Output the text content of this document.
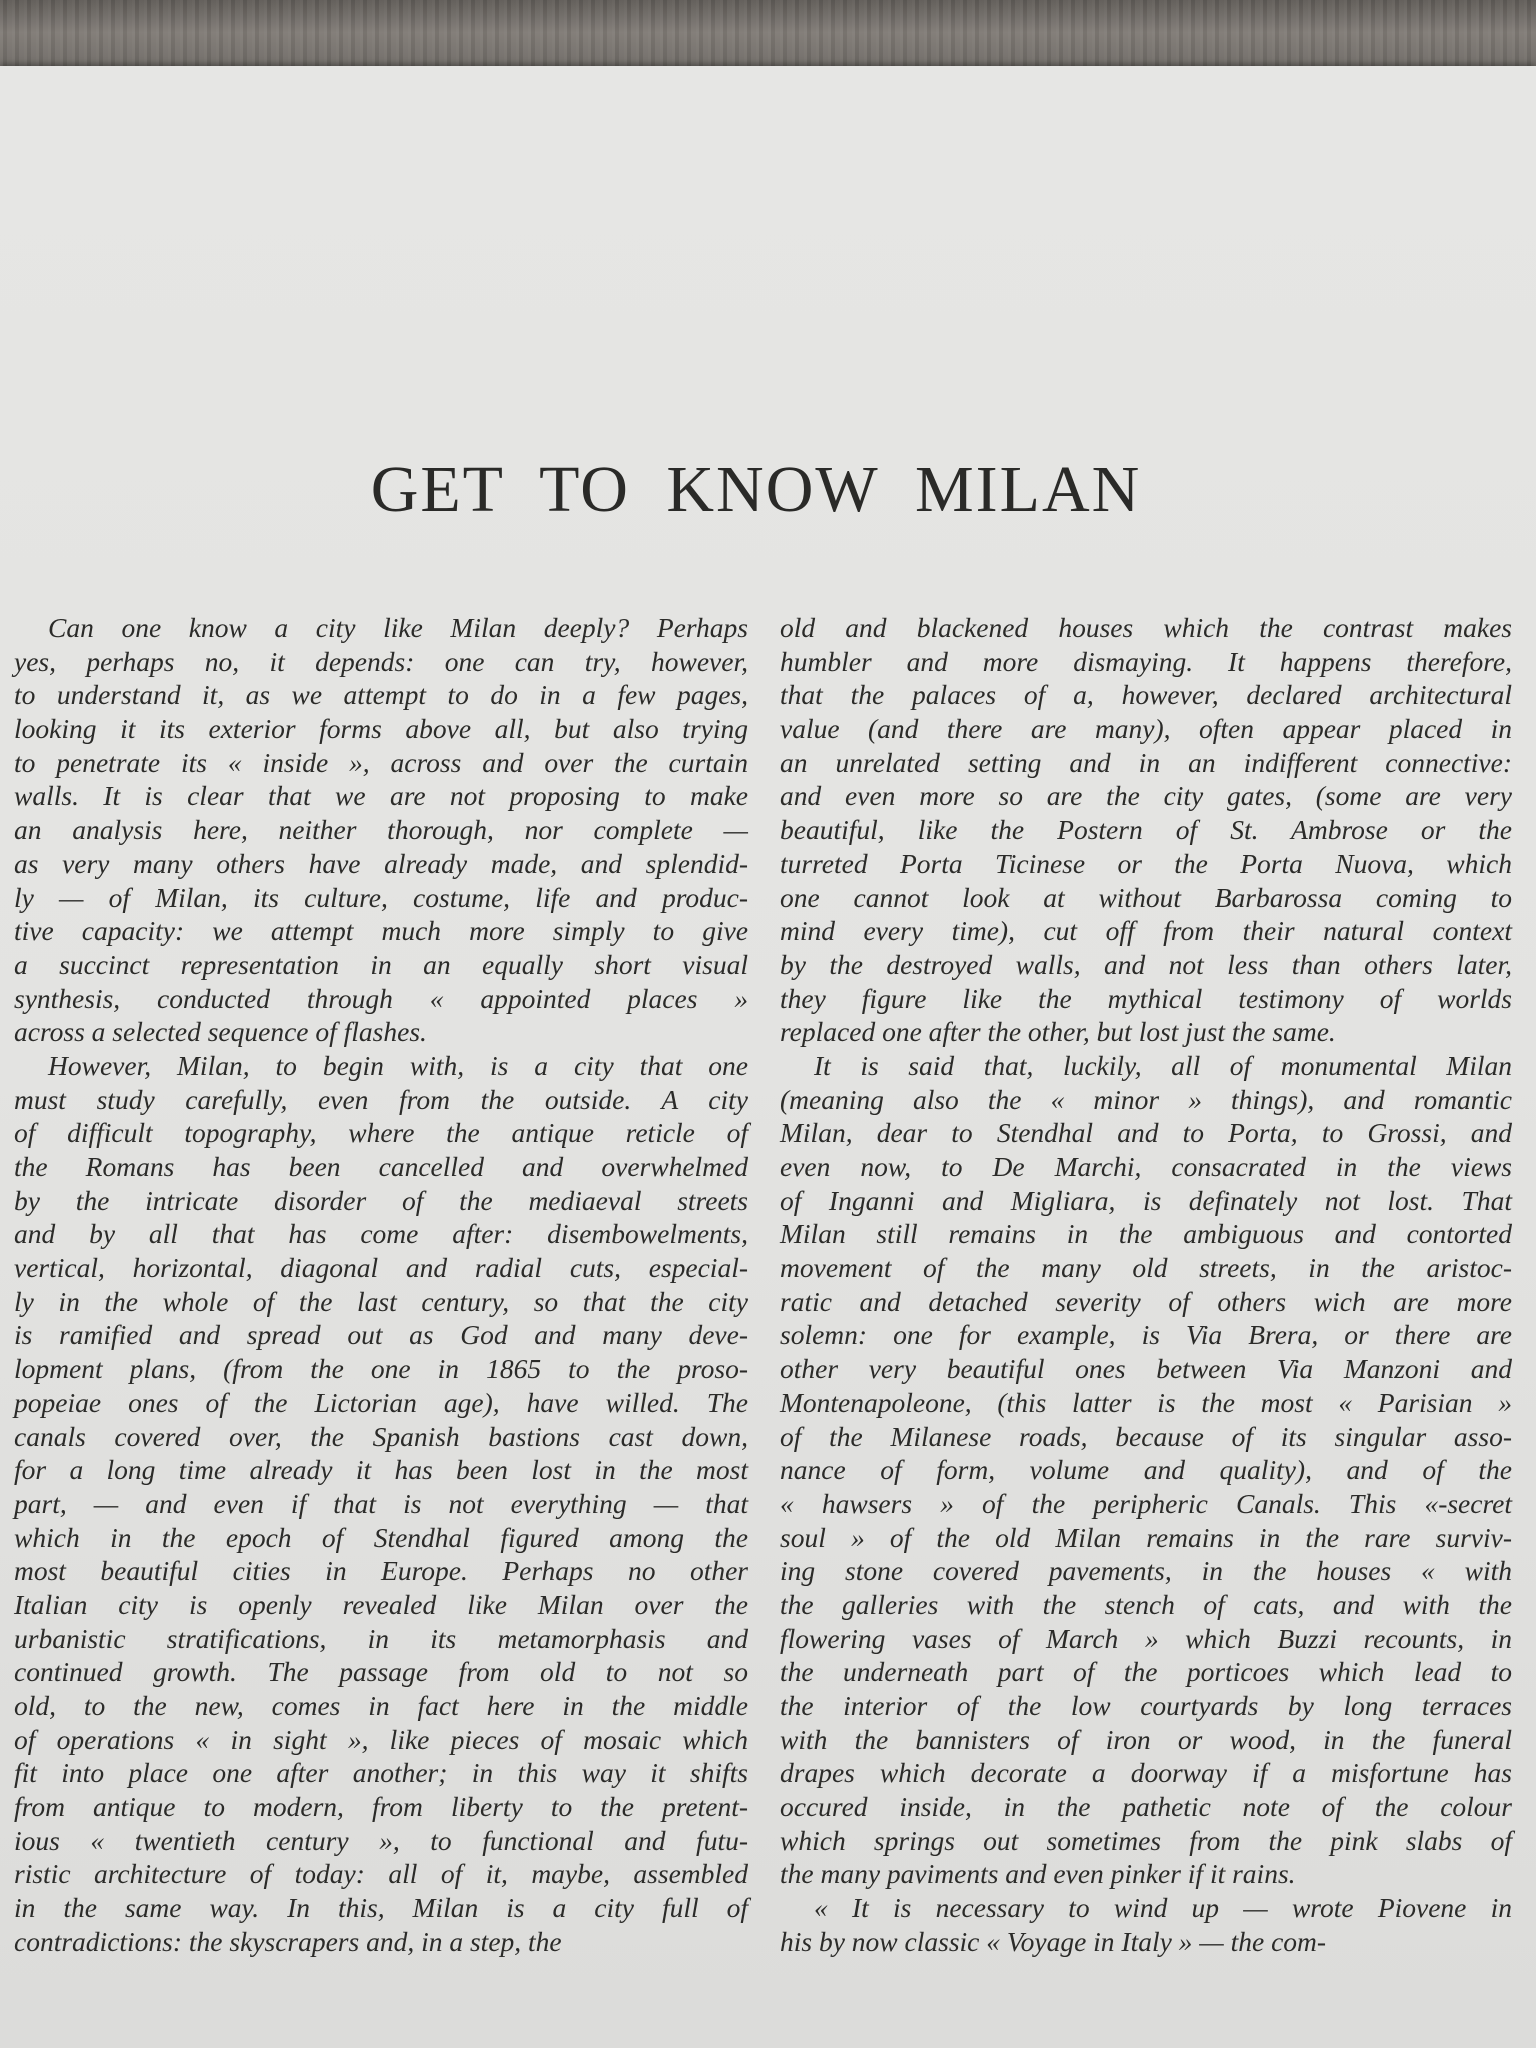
GET TO KNOW MILAN
Can one know a city like Milan deeply? Perhaps
yes, perhaps no, it depends: one can try, however,
to understand it, as we attempt to do in a few pages,
looking it its exterior forms above all, but also trying
to penetrate its « inside », across and over the curtain
walls. It is clear that we are not proposing to make
an analysis here, neither thorough, nor complete —
as very many others have already made, and splendid-
ly — of Milan, its culture, costume, life and produc-
tive capacity: we attempt much more simply to give
a succinct representation in an equally short visual
synthesis, conducted through « appointed places »
across a selected sequence of flashes.
However, Milan, to begin with, is a city that one
must study carefully, even from the outside. A city
of difficult topography, where the antique reticle of
the Romans has been cancelled and overwhelmed
by the intricate disorder of the mediaeval streets
and by all that has come after: disembowelments,
vertical, horizontal, diagonal and radial cuts, especial-
ly in the whole of the last century, so that the city
is ramified and spread out as God and many deve-
lopment plans, (from the one in 1865 to the proso-
popeiae ones of the Lictorian age), have willed. The
canals covered over, the Spanish bastions cast down,
for a long time already it has been lost in the most
part, — and even if that is not everything — that
which in the epoch of Stendhal figured among the
most beautiful cities in Europe. Perhaps no other
Italian city is openly revealed like Milan over the
urbanistic stratifications, in its metamorphasis and
continued growth. The passage from old to not so
old, to the new, comes in fact here in the middle
of operations « in sight », like pieces of mosaic which
fit into place one after another; in this way it shifts
from antique to modern, from liberty to the pretent-
ious « twentieth century », to functional and futu-
ristic architecture of today: all of it, maybe, assembled
in the same way. In this, Milan is a city full of
contradictions: the skyscrapers and, in a step, the
old and blackened houses which the contrast makes
humbler and more dismaying. It happens therefore,
that the palaces of a, however, declared architectural
value (and there are many), often appear placed in
an unrelated setting and in an indifferent connective:
and even more so are the city gates, (some are very
beautiful, like the Postern of St. Ambrose or the
turreted Porta Ticinese or the Porta Nuova, which
one cannot look at without Barbarossa coming to
mind every time), cut off from their natural context
by the destroyed walls, and not less than others later,
they figure like the mythical testimony of worlds
replaced one after the other, but lost just the same.
It is said that, luckily, all of monumental Milan
(meaning also the « minor » things), and romantic
Milan, dear to Stendhal and to Porta, to Grossi, and
even now, to De Marchi, consacrated in the views
of Inganni and Migliara, is definately not lost. That
Milan still remains in the ambiguous and contorted
movement of the many old streets, in the aristoc-
ratic and detached severity of others wich are more
solemn: one for example, is Via Brera, or there are
other very beautiful ones between Via Manzoni and
Montenapoleone, (this latter is the most « Parisian »
of the Milanese roads, because of its singular asso-
nance of form, volume and quality), and of the
« hawsers » of the peripheric Canals. This «-secret
soul » of the old Milan remains in the rare surviv-
ing stone covered pavements, in the houses « with
the galleries with the stench of cats, and with the
flowering vases of March » which Buzzi recounts, in
the underneath part of the porticoes which lead to
the interior of the low courtyards by long terraces
with the bannisters of iron or wood, in the funeral
drapes which decorate a doorway if a misfortune has
occured inside, in the pathetic note of the colour
which springs out sometimes from the pink slabs of
the many paviments and even pinker if it rains.
« It is necessary to wind up — wrote Piovene in
his by now classic « Voyage in Italy » — the com-
